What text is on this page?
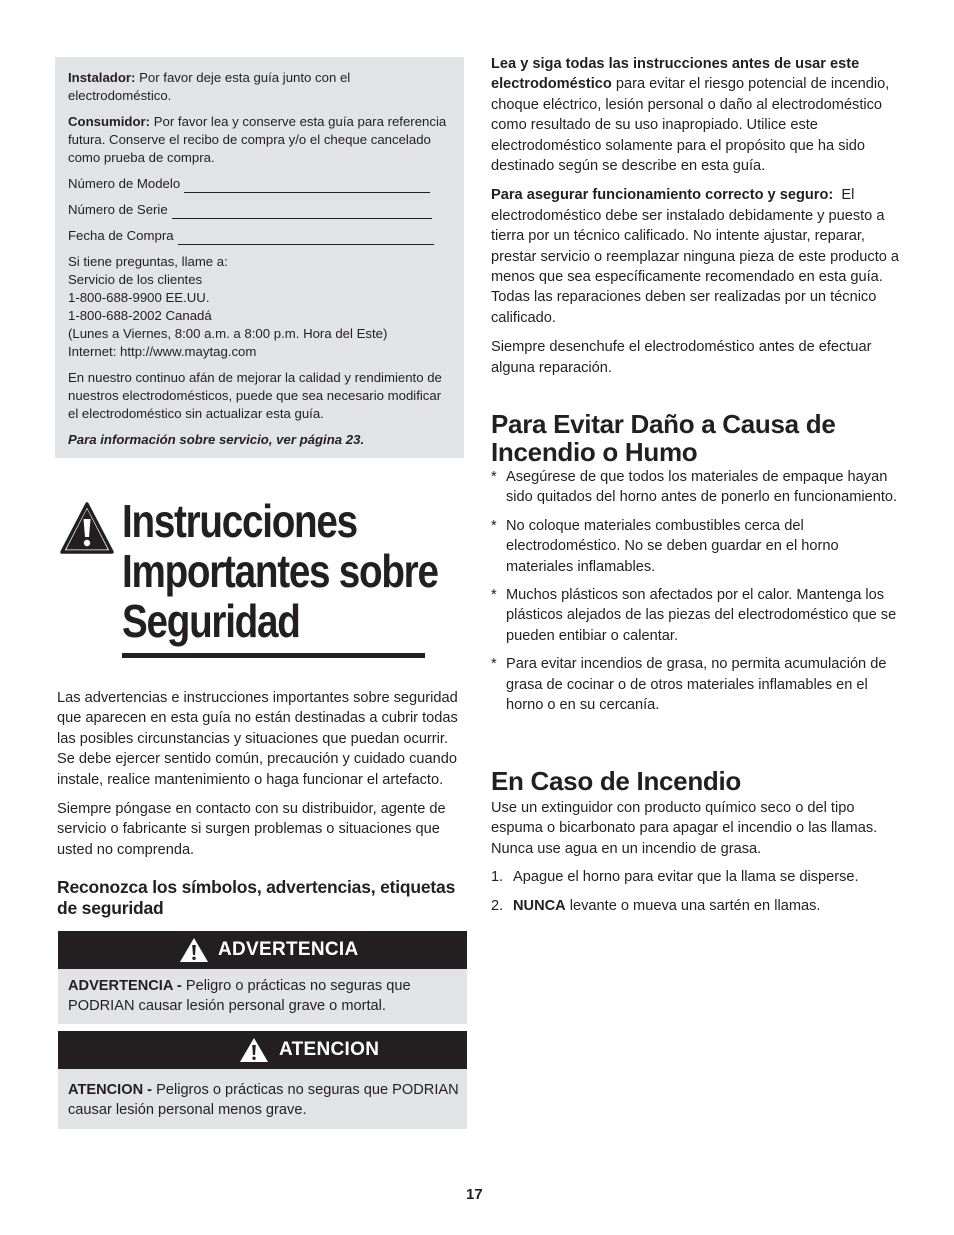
Instalador: Por favor deje esta guía junto con el electrodoméstico.

Consumidor: Por favor lea y conserve esta guía para referencia futura. Conserve el recibo de compra y/o el cheque cancelado como prueba de compra.

Número de Modelo
Número de Serie
Fecha de Compra

Si tiene preguntas, llame a:
Servicio de los clientes
1-800-688-9900 EE.UU.
1-800-688-2002 Canadá
(Lunes a Viernes, 8:00 a.m. a 8:00 p.m. Hora del Este)
Internet: http://www.maytag.com

En nuestro continuo afán de mejorar la calidad y rendimiento de nuestros electrodomésticos, puede que sea necesario modificar el electrodoméstico sin actualizar esta guía.

Para información sobre servicio, ver página 23.

Instrucciones
Importantes sobre
Seguridad

Las advertencias e instrucciones importantes sobre seguridad que aparecen en esta guía no están destinadas a cubrir todas las posibles circunstancias y situaciones que puedan ocurrir. Se debe ejercer sentido común, precaución y cuidado cuando instale, realice mantenimiento o haga funcionar el artefacto.

Siempre póngase en contacto con su distribuidor, agente de servicio o fabricante si surgen problemas o situaciones que usted no comprenda.

Reconozca los símbolos, advertencias, etiquetas de seguridad
ADVERTENCIA
ADVERTENCIA - Peligro o prácticas no seguras que PODRIAN causar lesión personal grave o mortal.
ATENCION
ATENCION - Peligros o prácticas no seguras que PODRIAN causar lesión personal menos grave.

Lea y siga todas las instrucciones antes de usar este electrodoméstico para evitar el riesgo potencial de incendio, choque eléctrico, lesión personal o daño al electrodoméstico como resultado de su uso inapropiado. Utilice este electrodoméstico solamente para el propósito que ha sido destinado según se describe en esta guía.

Para asegurar funcionamiento correcto y seguro: El electrodoméstico debe ser instalado debidamente y puesto a tierra por un técnico calificado. No intente ajustar, reparar, prestar servicio o reemplazar ninguna pieza de este producto a menos que sea específicamente recomendado en esta guía. Todas las reparaciones deben ser realizadas por un técnico calificado.

Siempre desenchufe el electrodoméstico antes de efectuar alguna reparación.

Para Evitar Daño a Causa de Incendio o Humo
* Asegúrese de que todos los materiales de empaque hayan sido quitados del horno antes de ponerlo en funcionamiento.
* No coloque materiales combustibles cerca del electrodoméstico. No se deben guardar en el horno materiales inflamables.
* Muchos plásticos son afectados por el calor. Mantenga los plásticos alejados de las piezas del electrodoméstico que se pueden entibiar o calentar.
* Para evitar incendios de grasa, no permita acumulación de grasa de cocinar o de otros materiales inflamables en el horno o en su cercanía.
En Caso de Incendio

Use un extinguidor con producto químico seco o del tipo espuma o bicarbonato para apagar el incendio o las llamas. Nunca use agua en un incendio de grasa.

1. Apague el horno para evitar que la llama se disperse.
2. NUNCA levante o mueva una sartén en llamas.
17
